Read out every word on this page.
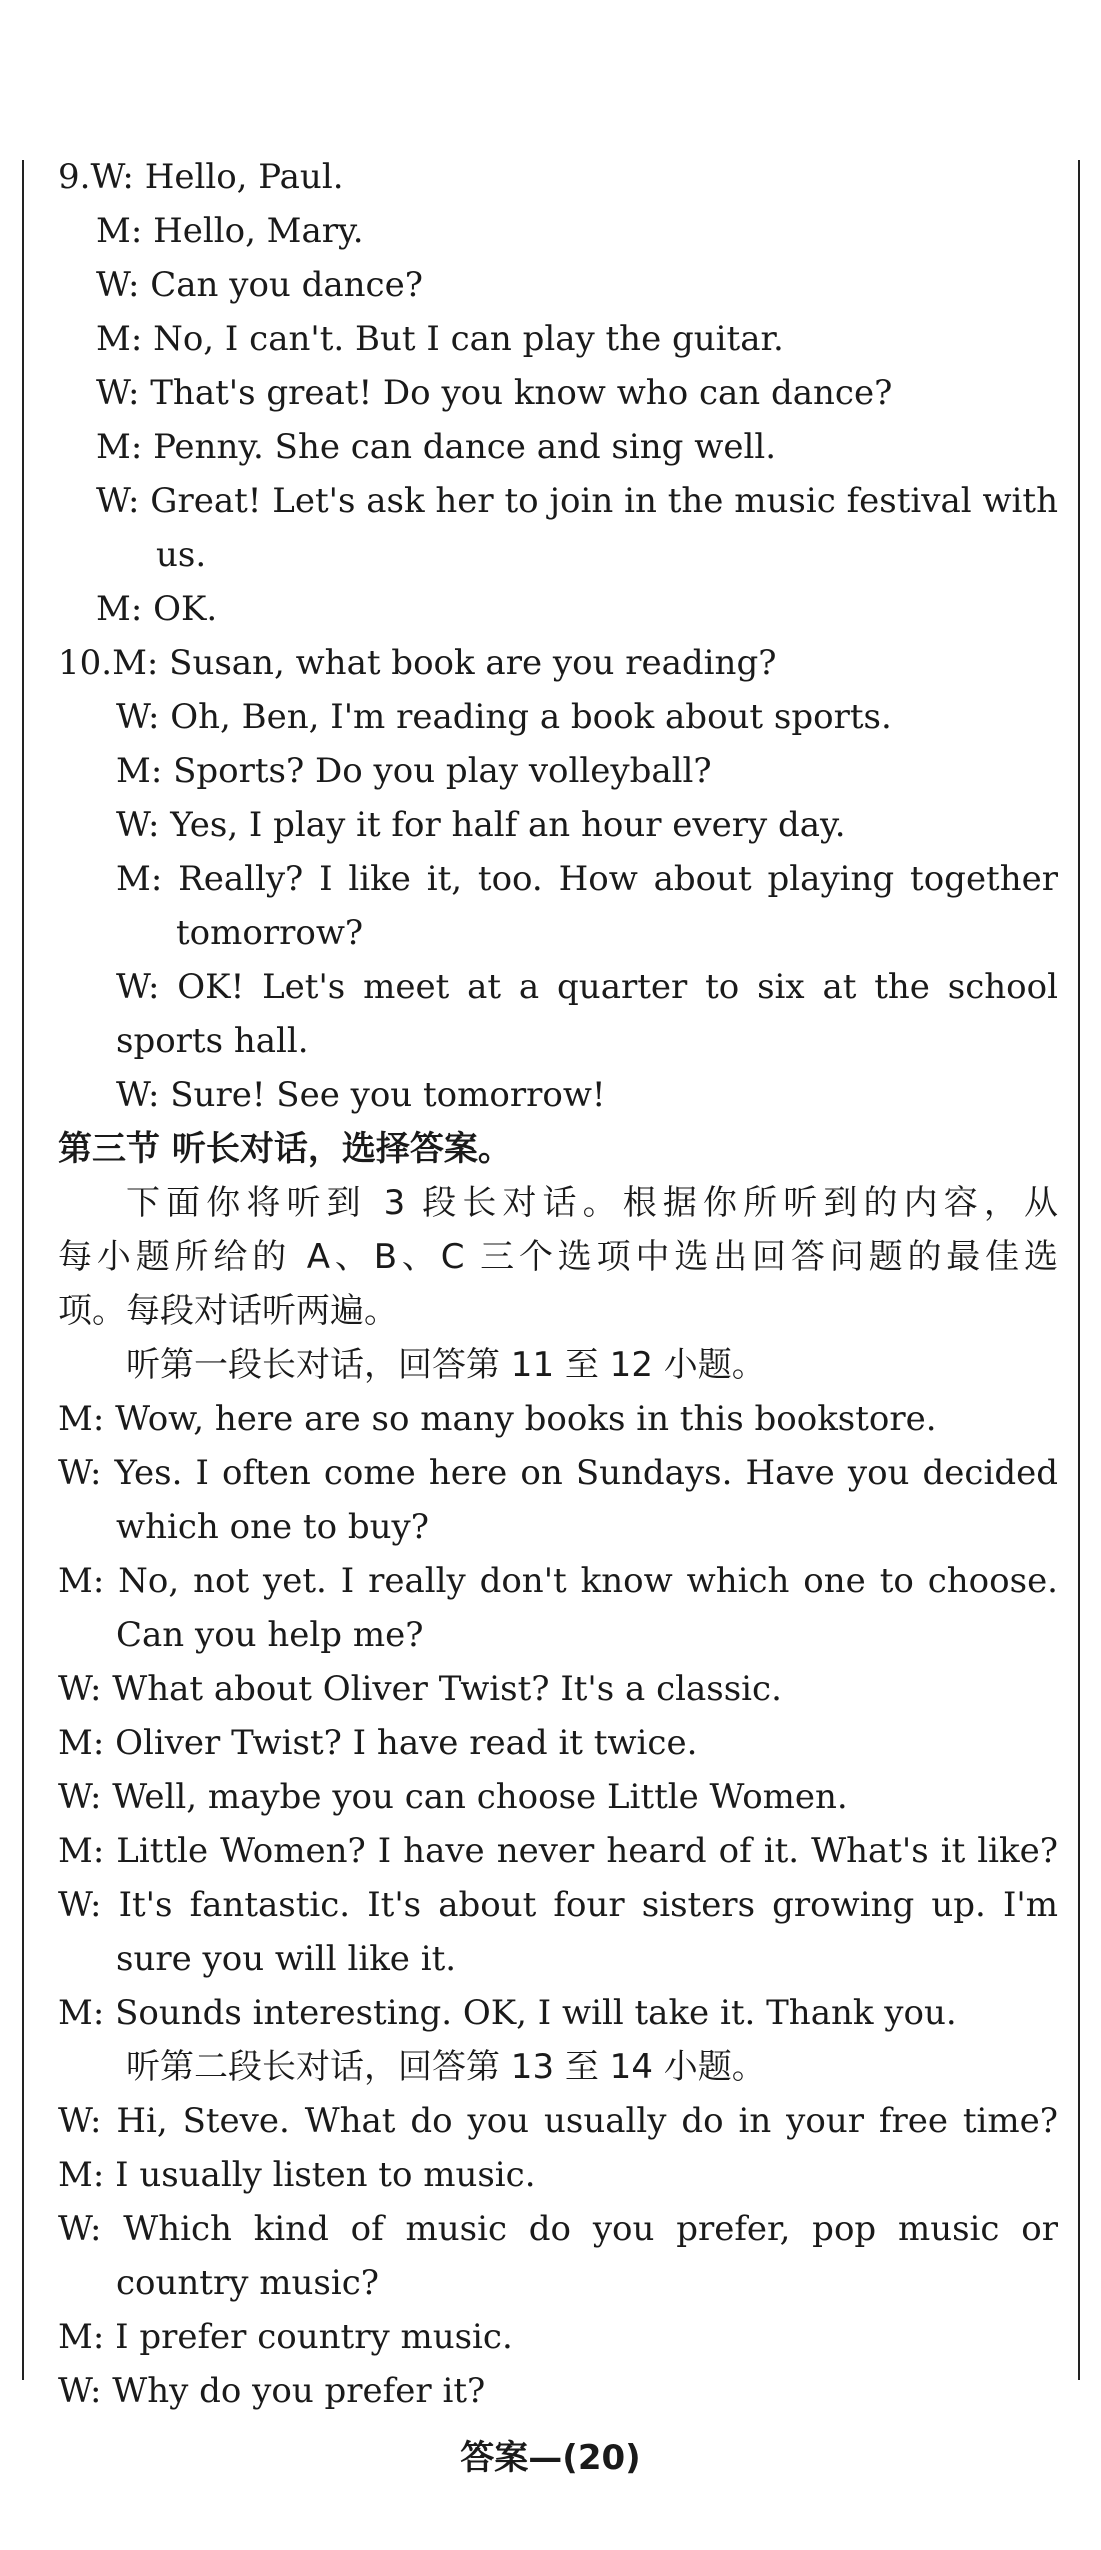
9.W: Hello, Paul.
M: Hello, Mary.
W: Can you dance?
M: No, I can't. But I can play the guitar.
W: That's great! Do you know who can dance?
M: Penny. She can dance and sing well.
W: Great! Let's ask her to join in the music festival with
us.
M: OK.
10.M: Susan, what book are you reading?
W: Oh, Ben, I'm reading a book about sports.
M: Sports? Do you play volleyball?
W: Yes, I play it for half an hour every day.
M: Really? I like it, too. How about playing together
tomorrow?
W: OK! Let's meet at a quarter to six at the school
sports hall.
W: Sure! See you tomorrow!
第三节 听长对话，选择答案。
下面你将听到 3 段长对话。根据你所听到的内容，从
每小题所给的 A、B、C 三个选项中选出回答问题的最佳选
项。每段对话听两遍。
听第一段长对话，回答第 11 至 12 小题。
M: Wow, here are so many books in this bookstore.
W: Yes. I often come here on Sundays. Have you decided
which one to buy?
M: No, not yet. I really don't know which one to choose.
Can you help me?
W: What about Oliver Twist? It's a classic.
M: Oliver Twist? I have read it twice.
W: Well, maybe you can choose Little Women.
M: Little Women? I have never heard of it. What's it like?
W: It's fantastic. It's about four sisters growing up. I'm
sure you will like it.
M: Sounds interesting. OK, I will take it. Thank you.
听第二段长对话，回答第 13 至 14 小题。
W: Hi, Steve. What do you usually do in your free time?
M: I usually listen to music.
W: Which kind of music do you prefer, pop music or
country music?
M: I prefer country music.
W: Why do you prefer it?
答案—(20)
